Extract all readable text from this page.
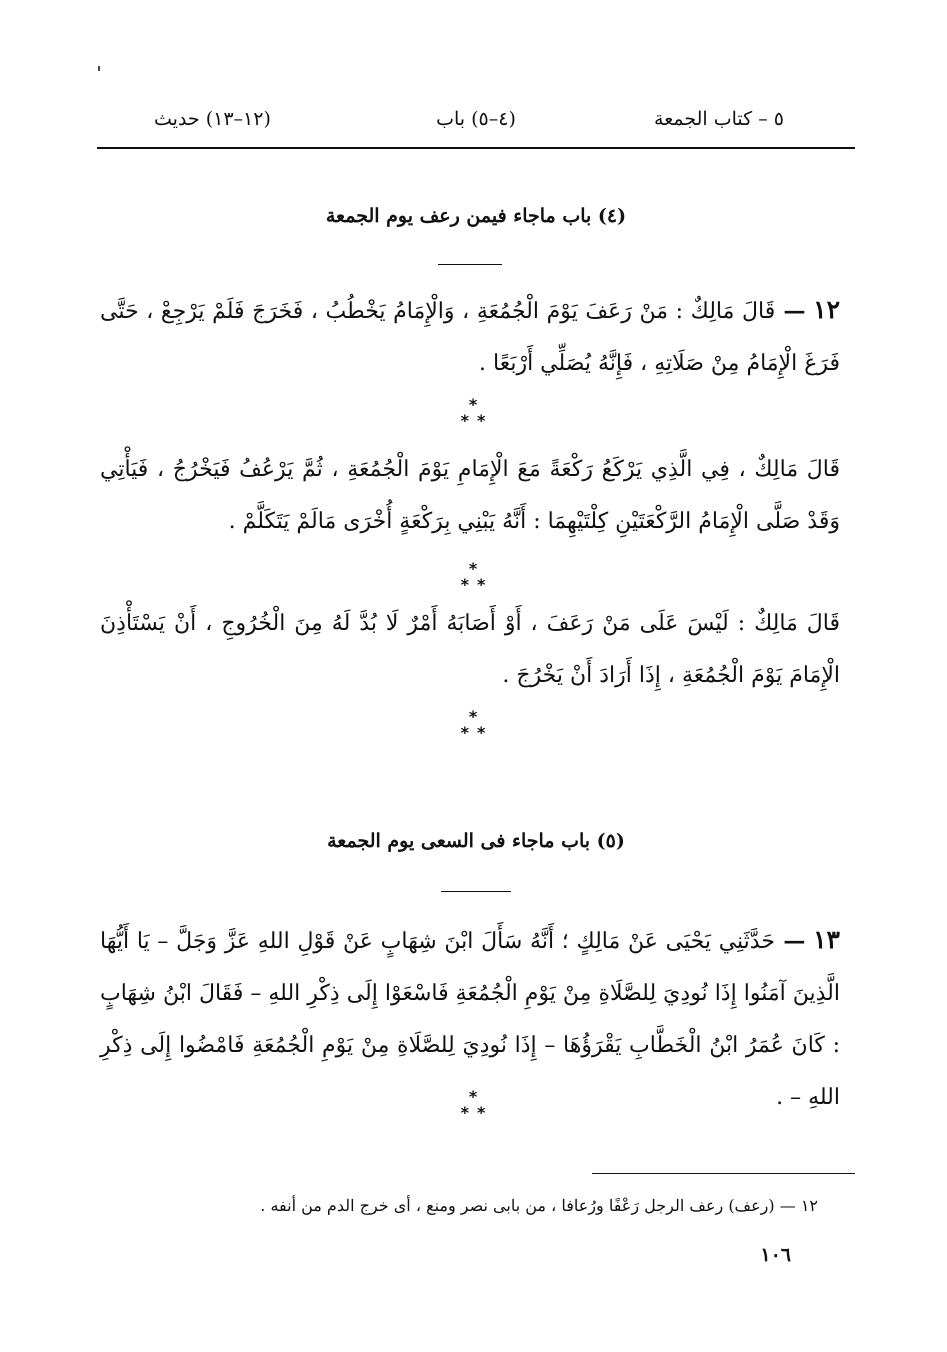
٥ – كتاب الجمعة
(٤–٥) باب
(١٢–١٣) حديث
(٤) باب ماجاء فيمن رعف يوم الجمعة
١٢ — قَالَ مَالِكٌ : مَنْ رَعَفَ يَوْمَ الْجُمُعَةِ ، وَالْإِمَامُ يَخْطُبُ ، فَخَرَجَ فَلَمْ يَرْجِعْ ، حَتَّى فَرَغَ الْإِمَامُ مِنْ صَلَاتِهِ ، فَإِنَّهُ يُصَلِّي أَرْبَعًا .
*
**
قَالَ مَالِكٌ ، فِي الَّذِي يَرْكَعُ رَكْعَةً مَعَ الْإِمَامِ يَوْمَ الْجُمُعَةِ ، ثُمَّ يَرْعُفُ فَيَخْرُجُ ، فَيَأْتِي وَقَدْ صَلَّى الْإِمَامُ الرَّكْعَتَيْنِ كِلْتَيْهِمَا : أَنَّهُ يَبْنِي بِرَكْعَةٍ أُخْرَى مَالَمْ يَتَكَلَّمْ .
*
**
قَالَ مَالِكٌ : لَيْسَ عَلَى مَنْ رَعَفَ ، أَوْ أَصَابَهُ أَمْرٌ لَا بُدَّ لَهُ مِنَ الْخُرُوجِ ، أَنْ يَسْتَأْذِنَ الْإِمَامَ يَوْمَ الْجُمُعَةِ ، إِذَا أَرَادَ أَنْ يَخْرُجَ .
*
**
(٥) باب ماجاء فى السعى يوم الجمعة
١٣ — حَدَّثَنِي يَحْيَى عَنْ مَالِكٍ ؛ أَنَّهُ سَأَلَ ابْنَ شِهَابٍ عَنْ قَوْلِ اللهِ عَزَّ وَجَلَّ – يَا أَيُّهَا الَّذِينَ آمَنُوا إِذَا نُودِيَ لِلصَّلَاةِ مِنْ يَوْمِ الْجُمُعَةِ فَاسْعَوْا إِلَى ذِكْرِ اللهِ – فَقَالَ ابْنُ شِهَابٍ : كَانَ عُمَرُ ابْنُ الْخَطَّابِ يَقْرَؤُهَا – إِذَا نُودِيَ لِلصَّلَاةِ مِنْ يَوْمِ الْجُمُعَةِ فَامْضُوا إِلَى ذِكْرِ اللهِ – .
*
**
١٢ — (رعف) رعف الرجل رَعْفًا ورُعافا ، من بابى نصر ومنع ، أى خرج الدم من أنفه .
١٠٦
